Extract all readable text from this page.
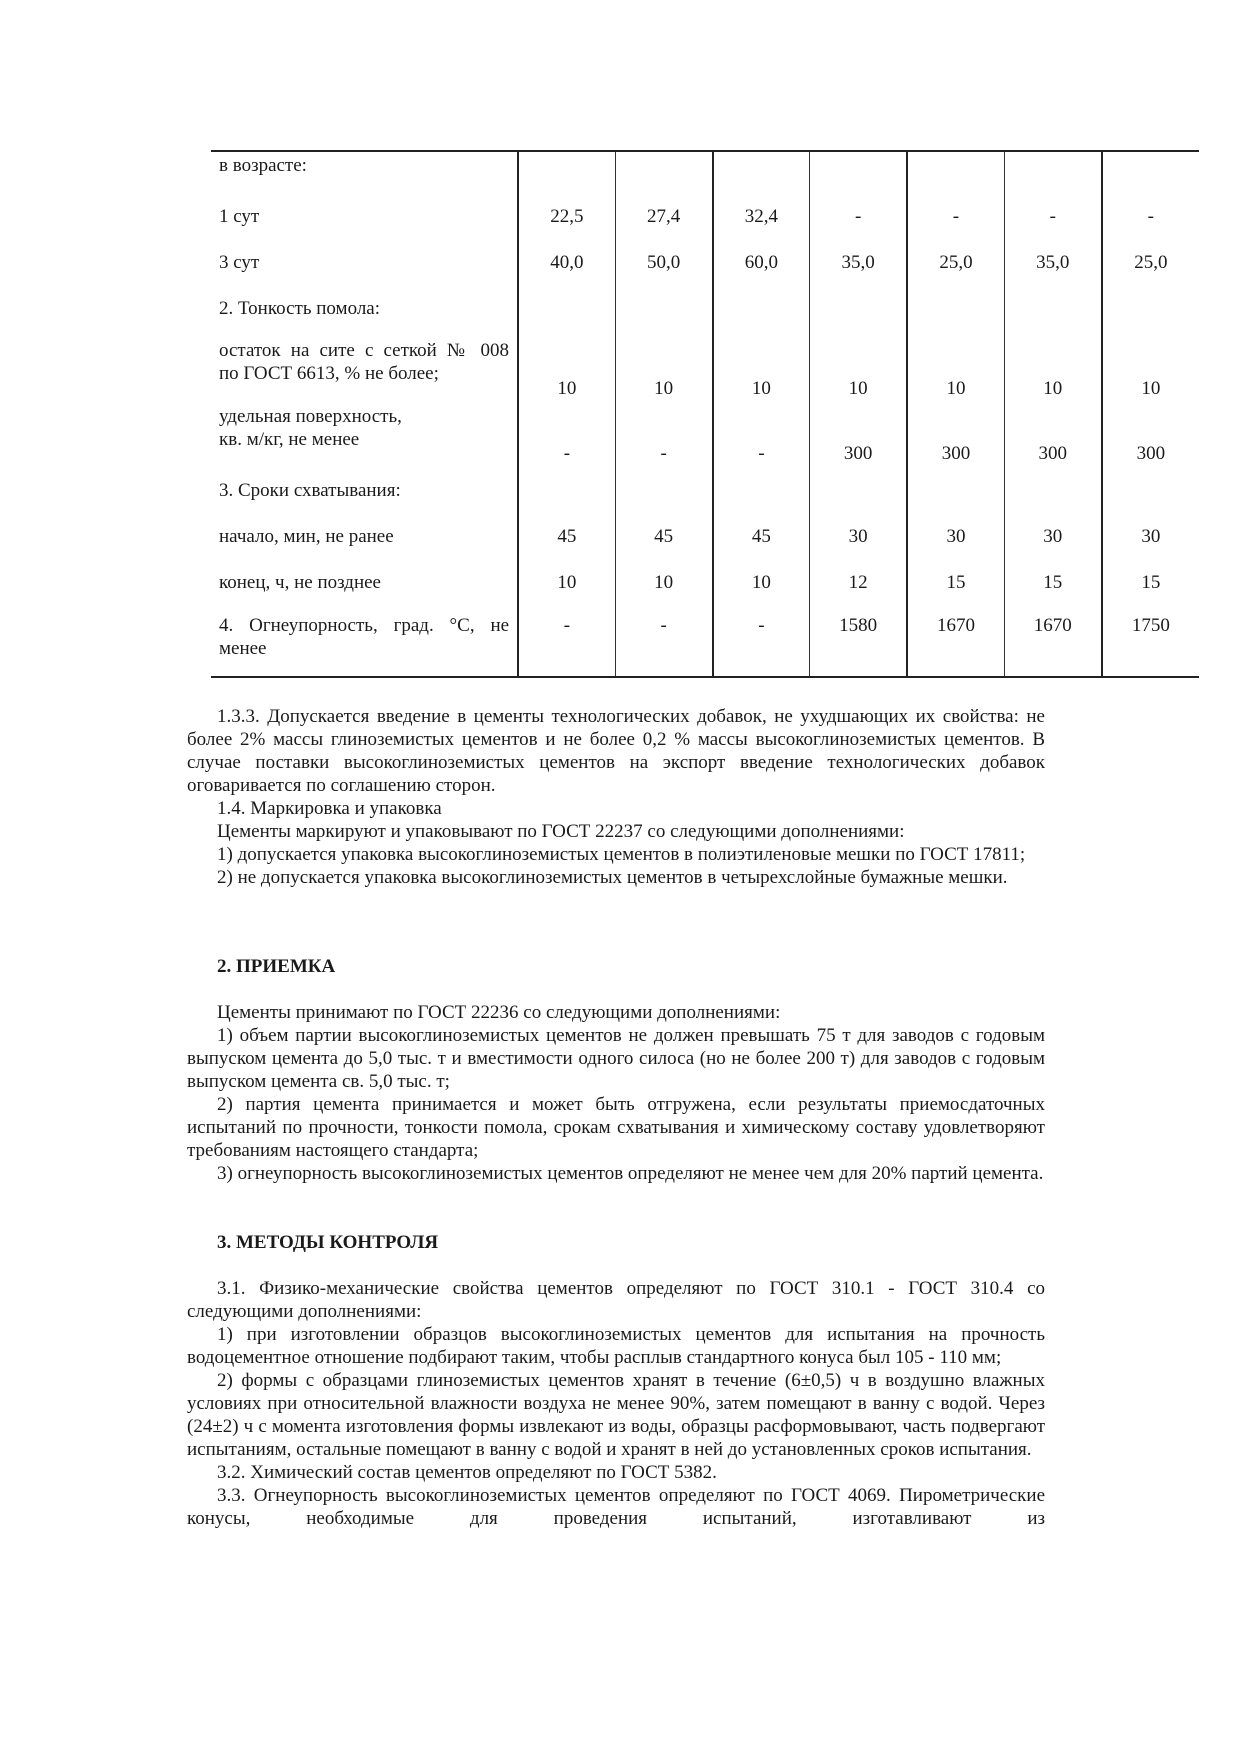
в возрасте:							
1 сут	22,5	27,4	32,4	-	-	-	-
3 сут	40,0	50,0	60,0	35,0	25,0	35,0	25,0
2. Тонкость помола:							

остаток на сите с сеткой № 008
по ГОСТ 6613, % не более;	10	10	10	10	10	10	10

удельная поверхность,
кв. м/кг, не менее	-	-	-	300	300	300	300
3. Сроки схватывания:							
начало, мин, не ранее	45	45	45	30	30	30	30
конец, ч, не позднее	10	10	10	12	15	15	15

4. Огнеупорность, град. °С, не
менее	-	-	-	1580	1670	1670	1750

1.3.3. Допускается введение в цементы технологических добавок, не ухудшающих их свойства: не более 2% массы глиноземистых цементов и не более 0,2 % массы высокоглиноземистых цементов. В случае поставки высокоглиноземистых цементов на экспорт введение технологических добавок оговаривается по соглашению сторон.

1.4. Маркировка и упаковка

Цементы маркируют и упаковывают по ГОСТ 22237 со следующими дополнениями:

1) допускается упаковка высокоглиноземистых цементов в полиэтиленовые мешки по ГОСТ 17811;

2) не допускается упаковка высокоглиноземистых цементов в четырехслойные бумажные мешки.

2. ПРИЕМКА

Цементы принимают по ГОСТ 22236 со следующими дополнениями:

1) объем партии высокоглиноземистых цементов не должен превышать 75 т для заводов с годовым выпуском цемента до 5,0 тыс. т и вместимости одного силоса (но не более 200 т) для заводов с годовым выпуском цемента св. 5,0 тыс. т;

2) партия цемента принимается и может быть отгружена, если результаты приемосдаточных испытаний по прочности, тонкости помола, срокам схватывания и химическому составу удовлетворяют требованиям настоящего стандарта;

3) огнеупорность высокоглиноземистых цементов определяют не менее чем для 20% партий цемента.

3. МЕТОДЫ КОНТРОЛЯ

3.1. Физико-механические свойства цементов определяют по ГОСТ 310.1 - ГОСТ 310.4 со следующими дополнениями:

1) при изготовлении образцов высокоглиноземистых цементов для испытания на прочность водоцементное отношение подбирают таким, чтобы расплыв стандартного конуса был 105 - 110 мм;

2) формы с образцами глиноземистых цементов хранят в течение (6±0,5) ч в воздушно влажных условиях при относительной влажности воздуха не менее 90%, затем помещают в ванну с водой. Через (24±2) ч с момента изготовления формы извлекают из воды, образцы расформовывают, часть подвергают испытаниям, остальные помещают в ванну с водой и хранят в ней до установленных сроков испытания.

3.2. Химический состав цементов определяют по ГОСТ 5382.

3.3. Огнеупорность высокоглиноземистых цементов определяют по ГОСТ 4069. Пирометрические конусы, необходимые для проведения испытаний, изготавливают из
